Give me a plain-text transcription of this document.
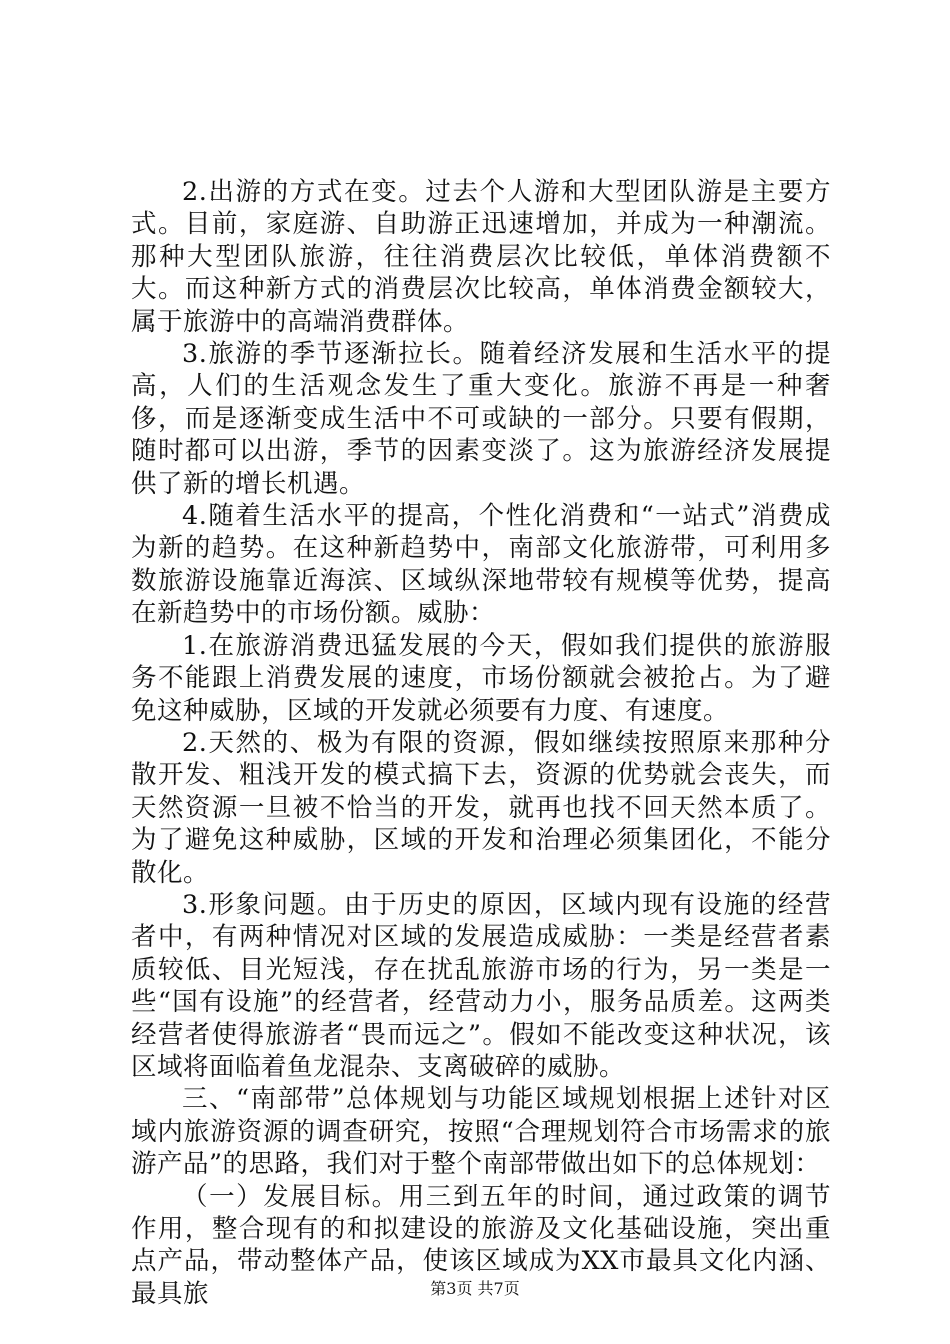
2.出游的方式在变。过去个人游和大型团队游是主要方式。目前，家庭游、自助游正迅速增加，并成为一种潮流。那种大型团队旅游，往往消费层次比较低，单体消费额不大。而这种新方式的消费层次比较高，单体消费金额较大，属于旅游中的高端消费群体。

3.旅游的季节逐渐拉长。随着经济发展和生活水平的提高，人们的生活观念发生了重大变化。旅游不再是一种奢侈，而是逐渐变成生活中不可或缺的一部分。只要有假期，随时都可以出游，季节的因素变淡了。这为旅游经济发展提供了新的增长机遇。

4.随着生活水平的提高，个性化消费和“一站式”消费成为新的趋势。在这种新趋势中，南部文化旅游带，可利用多数旅游设施靠近海滨、区域纵深地带较有规模等优势，提高在新趋势中的市场份额。威胁：

1.在旅游消费迅猛发展的今天，假如我们提供的旅游服务不能跟上消费发展的速度，市场份额就会被抢占。为了避免这种威胁，区域的开发就必须要有力度、有速度。

2.天然的、极为有限的资源，假如继续按照原来那种分散开发、粗浅开发的模式搞下去，资源的优势就会丧失，而天然资源一旦被不恰当的开发，就再也找不回天然本质了。为了避免这种威胁，区域的开发和治理必须集团化，不能分散化。

3.形象问题。由于历史的原因，区域内现有设施的经营者中，有两种情况对区域的发展造成威胁：一类是经营者素质较低、目光短浅，存在扰乱旅游市场的行为，另一类是一些“国有设施”的经营者，经营动力小，服务品质差。这两类经营者使得旅游者“畏而远之”。假如不能改变这种状况，该区域将面临着鱼龙混杂、支离破碎的威胁。

三、“南部带”总体规划与功能区域规划根据上述针对区域内旅游资源的调查研究，按照“合理规划符合市场需求的旅游产品”的思路，我们对于整个南部带做出如下的总体规划：

（一）发展目标。用三到五年的时间，通过政策的调节作用，整合现有的和拟建设的旅游及文化基础设施，突出重点产品，带动整体产品，使该区域成为XX市最具文化内涵、最具旅	第3页 共7页
